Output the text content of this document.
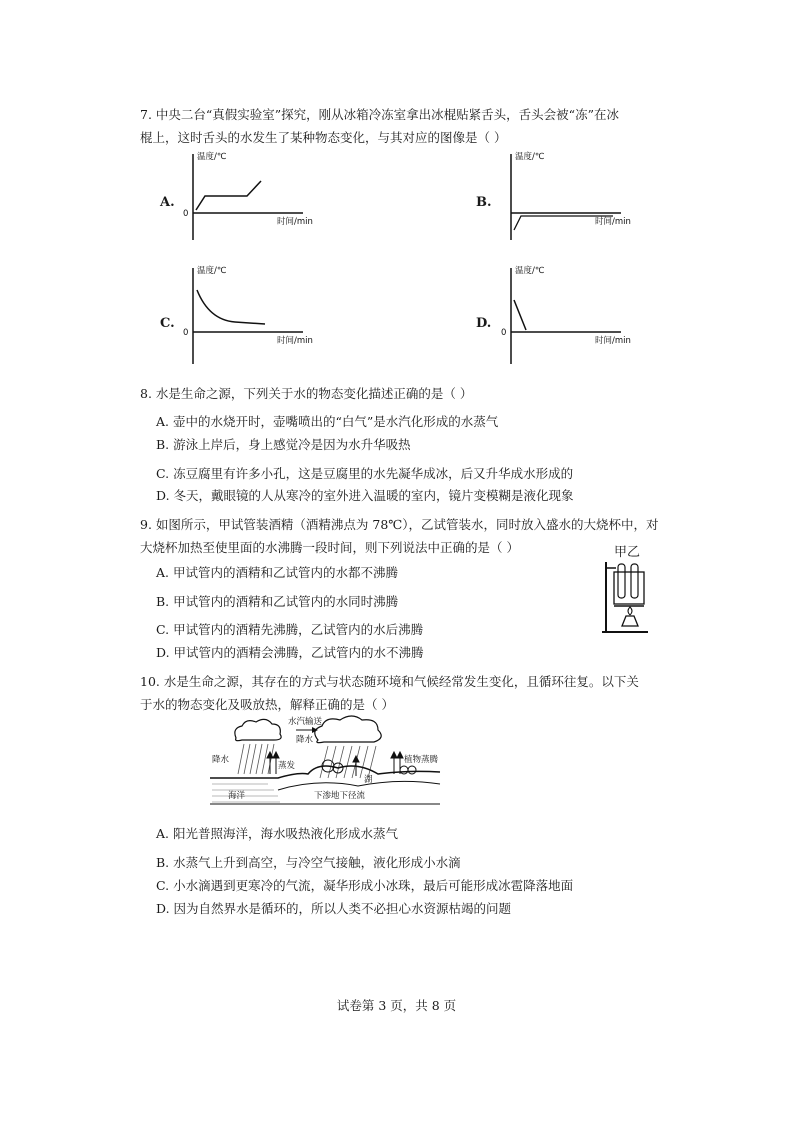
7. 中央二台“真假实验室”探究，刚从冰箱冷冻室拿出冰棍贴紧舌头，舌头会被“冻”在冰
棍上，这时舌头的水发生了某种物态变化，与其对应的图像是（ ）
A.
温度/℃
0
时间/min
B.
温度/℃
时间/min
C.
温度/℃
0
时间/min
D.
温度/℃
0
时间/min
8. 水是生命之源，下列关于水的物态变化描述正确的是（ ）
A. 壶中的水烧开时，壶嘴喷出的“白气”是水汽化形成的水蒸气
B. 游泳上岸后，身上感觉冷是因为水升华吸热
C. 冻豆腐里有许多小孔，这是豆腐里的水先凝华成冰，后又升华成水形成的
D. 冬天，戴眼镜的人从寒冷的室外进入温暖的室内，镜片变模糊是液化现象
9. 如图所示，甲试管装酒精（酒精沸点为 78℃），乙试管装水，同时放入盛水的大烧杯中，对
大烧杯加热至使里面的水沸腾一段时间，则下列说法中正确的是（ ）	甲乙
A. 甲试管内的酒精和乙试管内的水都不沸腾
B. 甲试管内的酒精和乙试管内的水同时沸腾
C. 甲试管内的酒精先沸腾，乙试管内的水后沸腾
D. 甲试管内的酒精会沸腾，乙试管内的水不沸腾
10. 水是生命之源，其存在的方式与状态随环境和气候经常发生变化，且循环往复。以下关
于水的物态变化及吸放热，解释正确的是（ ）
水汽输送
降水
降水
蒸发
湖
植物蒸腾
海洋	下渗地下径流
A. 阳光普照海洋，海水吸热液化形成水蒸气
B. 水蒸气上升到高空，与冷空气接触，液化形成小水滴
C. 小水滴遇到更寒冷的气流，凝华形成小冰珠，最后可能形成冰雹降落地面
D. 因为自然界水是循环的，所以人类不必担心水资源枯竭的问题
试卷第 3 页，共 8 页
